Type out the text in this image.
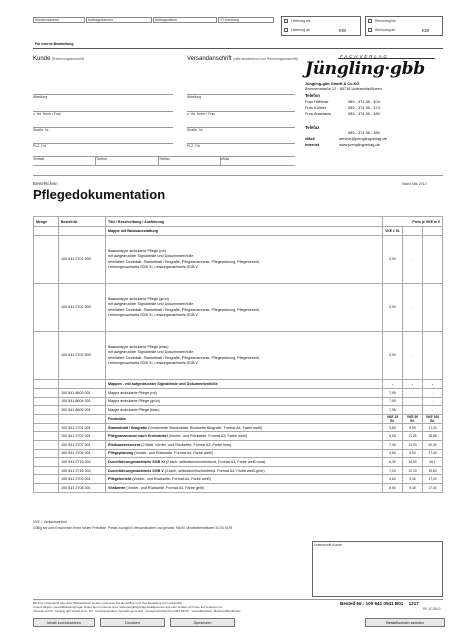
Kundennummer	Auftragsnummer	Auftragsdatum	VT-Kennung	Lieferung bis
Lieferung ab	KW
Rechnung bis
Rechnung ab	KW
Für interne Bearbeitung
Kunde (Rechnungsanschrift)
Abteilung
z. Hd. Herrn / Frau
Straße, Nr.
PLZ, Ort
Versandanschrift (falls abweichend von Rechnungsanschrift)
Abteilung
z. Hd. Herrn / Frau
Straße, Nr.
PLZ, Ort
FACHVERLAG
Jüngling·gbb
Jüngling-gbb GmbH & Co.KG
Brunnenstraße 12 · 85716 Unterschleißheim
Telefon
Frau Höflmair	089 - 374 36 - 404
Frau Küllner	089 - 374 36 - 374
Frau Anastasiu	089 - 374 36 - 390
Telefax
089 - 374 36 - 380
eMail	service@juenglingverlag.de
Internet	www.juenglingverlag.de
Verwalt	Telefon	Telefax	eMail
Bestellschein
Pflegedokumentation
Stand Mai 2012
Menge	Bestell-Nr.	Titel / Beschreibung / Ausführung	Preis je VKE in €		
		Mappe mit Basisausstattung	VKE 1 St.		
	100 541 2701 90X	Basismappe ambulante Pflege (rot)
mit aufgedruckter Signalleiste und Dokumentenhülle
beinhaltet: Deckblatt, Stammblatt / Biografie, Pflegeanamnese, Pflegeplanung, Pflegebericht,
Leistungsnachweis SGB XI, Leistungsnachweis SGB V	9,90	-	
	100 541 2702 90X	Basismappe ambulante Pflege (grün)
mit aufgedruckter Signalleiste und Dokumentenhülle
beinhaltet: Deckblatt, Stammblatt / Biografie, Pflegeanamnese, Pflegeplanung, Pflegebericht,
Leistungsnachweis SGB XI, Leistungsnachweis SGB V	9,90	-	
	100 541 2703 90X	Basismappe ambulante Pflege (blau)
mit aufgedruckter Signalleiste und Dokumentenhülle
beinhaltet: Deckblatt, Stammblatt / Biografie, Pflegeanamnese, Pflegeplanung, Pflegebericht,
Leistungsnachweis SGB XI, Leistungsnachweis SGB V	9,90	-	
		Mappen - mit aufgedruckter Signalleiste und Dokumentenhülle	-	-	-
	100 541 8603 001	Mappe ambulante Pflege (rot)	7,95	-	-
	100 541 8604 001	Mappe ambulante Pflege (grün)	7,95	-	-
	100 541 8605 001	Mappe ambulante Pflege (blau)	7,95	-	-
		Formulare	VKE 25 Bl.	VKE 50 Bl.	VKE 100 Bl.
	100 541 2701 001	Stammblatt / Biografie (Vorderseite Stammblatt, Rückseite Biografie, Format A4, Farbe weiß)	5,80	9,90	17,00
	100 541 2702 001	Pflegeanamnese nach Krohwinkel (Vorder- und Rückseite, Format A3, Farbe weiß)	6,55	11,25	18,65
	100 541 2707 001	Risikoassessment (2 Blatt, Vorder- und Rückseite, Format A3, Farbe blau)	7,40	13,00	20,30
	100 541 2704 001	Pflegeplanung (Vorder- und Rückseite, Format A4, Farbe weiß)	5,80	9,90	17,00
	100 541 2715 002	Durchführungsnachweis SGB XI (2-fach, selbstdurchschreibend, Format A3, Farbe weiß-rosa)	6,35	14,90	26,1
	100 541 2716 002	Durchführungsnachweis SGB V (2-fach, selbstdurchschreibend, Format A4, Farbe weiß-grün)	7,20	12,10	19,60
	100 541 2703 001	Pflegebericht (Vorder- und Rückseite, Format A4, Farbe weiß)	5,60	9,40	17,00
	100 541 2708 001	Vitalwerte (Vorder- und Rückseite, Format A4, Farbe gelb)	5,60	9,40	17,00
VKE = Verkaufseinheit
Gültig bis zum Erscheinen einer neuen Preisliste. Preise zuzüglich Versandkosten und gesetzl. MwSt. Mindestbestellwert 30,00 EUR
Unterschrift Kunde
Mit Ihrer Unterschrift oder dem "Bestellschein senden" erkennen Sie die AGB an und Ihre Bestellung wird verbindlich.
Unsere Allgem. Geschäftsbedingungen finden Sie im Internet unter www.juenglingverlag.de/allgemeine-agb oder senden wir Ihnen auf Verlangen zu.
Vertreten durch: Jüngling gbb GmbH & Co. KG · Komplementärin: Verwaltungs GmbH · Amtsgericht München HRA 86704 · Geschäftsführer: Manfred Bittenbinder
Bestell-Nr.: 100 541 0541 B01 1217
PK 42 05/10
Inhalt zurücksetzen	Drucken	Speichern	Bestellschein senden
